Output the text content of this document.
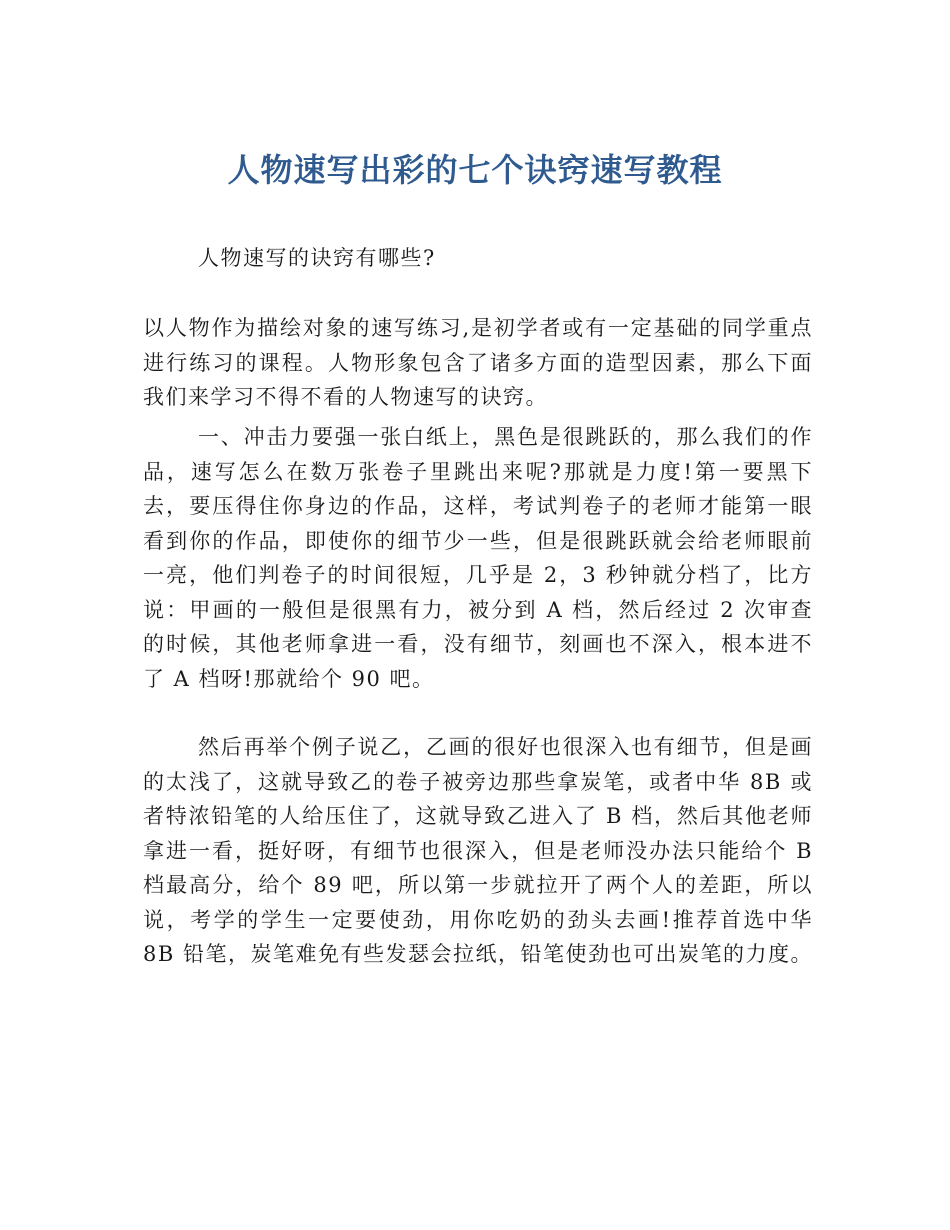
人物速写出彩的七个诀窍速写教程

人物速写的诀窍有哪些?

以人物作为描绘对象的速写练习,是初学者或有一定基础的同学重点进行练习的课程。人物形象包含了诸多方面的造型因素，那么下面我们来学习不得不看的人物速写的诀窍。

一、冲击力要强一张白纸上，黑色是很跳跃的，那么我们的作品，速写怎么在数万张卷子里跳出来呢?那就是力度!第一要黑下去，要压得住你身边的作品，这样，考试判卷子的老师才能第一眼看到你的作品，即使你的细节少一些，但是很跳跃就会给老师眼前一亮，他们判卷子的时间很短，几乎是 2，3 秒钟就分档了，比方说：甲画的一般但是很黑有力，被分到 A 档，然后经过 2 次审查的时候，其他老师拿进一看，没有细节，刻画也不深入，根本进不了 A 档呀!那就给个 90 吧。

然后再举个例子说乙，乙画的很好也很深入也有细节，但是画的太浅了，这就导致乙的卷子被旁边那些拿炭笔，或者中华 8B 或者特浓铅笔的人给压住了，这就导致乙进入了 B 档，然后其他老师拿进一看，挺好呀，有细节也很深入，但是老师没办法只能给个 B 档最高分，给个 89 吧，所以第一步就拉开了两个人的差距，所以说，考学的学生一定要使劲，用你吃奶的劲头去画!推荐首选中华 8B 铅笔，炭笔难免有些发瑟会拉纸，铅笔使劲也可出炭笔的力度。
